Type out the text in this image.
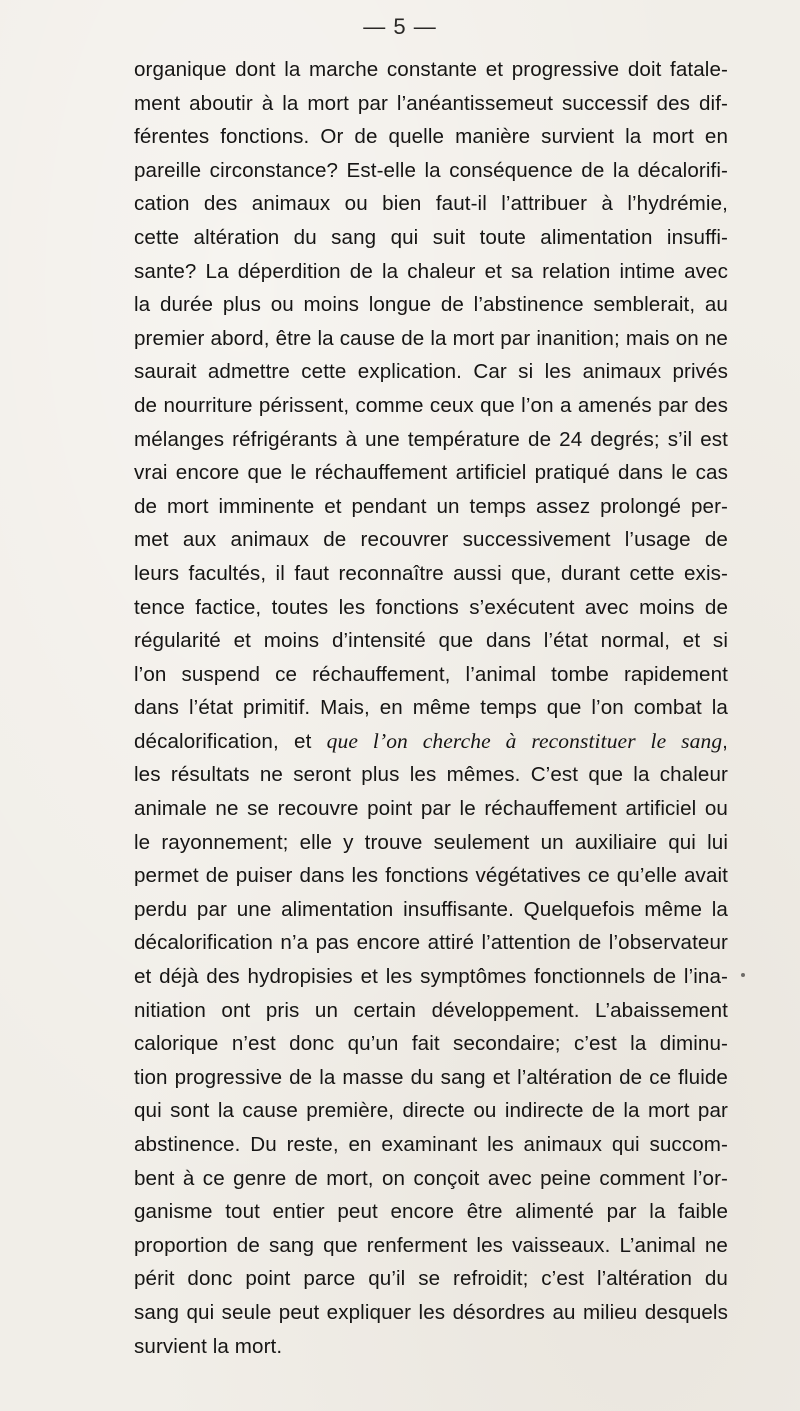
— 5 —
organique dont la marche constante et progressive doit fatale-
ment aboutir à la mort par l’anéantissemeut successif des dif-
férentes fonctions. Or de quelle manière survient la mort en
pareille circonstance? Est-elle la conséquence de la décalorifi-
cation des animaux ou bien faut-il l’attribuer à l’hydrémie,
cette altération du sang qui suit toute alimentation insuffi-
sante? La déperdition de la chaleur et sa relation intime avec
la durée plus ou moins longue de l’abstinence semblerait, au
premier abord, être la cause de la mort par inanition; mais on ne
saurait admettre cette explication. Car si les animaux privés
de nourriture périssent, comme ceux que l’on a amenés par des
mélanges réfrigérants à une température de 24 degrés; s’il est
vrai encore que le réchauffement artificiel pratiqué dans le cas
de mort imminente et pendant un temps assez prolongé per-
met aux animaux de recouvrer successivement l’usage de
leurs facultés, il faut reconnaître aussi que, durant cette exis-
tence factice, toutes les fonctions s’exécutent avec moins de
régularité et moins d’intensité que dans l’état normal, et si
l’on suspend ce réchauffement, l’animal tombe rapidement
dans l’état primitif. Mais, en même temps que l’on combat la
décalorification, et que l’on cherche à reconstituer le sang,
les résultats ne seront plus les mêmes. C’est que la chaleur
animale ne se recouvre point par le réchauffement artificiel ou
le rayonnement; elle y trouve seulement un auxiliaire qui lui
permet de puiser dans les fonctions végétatives ce qu’elle avait
perdu par une alimentation insuffisante. Quelquefois même la
décalorification n’a pas encore attiré l’attention de l’observateur
et déjà des hydropisies et les symptômes fonctionnels de l’ina-
nitiation ont pris un certain développement. L’abaissement
calorique n’est donc qu’un fait secondaire; c’est la diminu-
tion progressive de la masse du sang et l’altération de ce fluide
qui sont la cause première, directe ou indirecte de la mort par
abstinence. Du reste, en examinant les animaux qui succom-
bent à ce genre de mort, on conçoit avec peine comment l’or-
ganisme tout entier peut encore être alimenté par la faible
proportion de sang que renferment les vaisseaux. L’animal ne
périt donc point parce qu’il se refroidit; c’est l’altération du
sang qui seule peut expliquer les désordres au milieu desquels
survient la mort.
